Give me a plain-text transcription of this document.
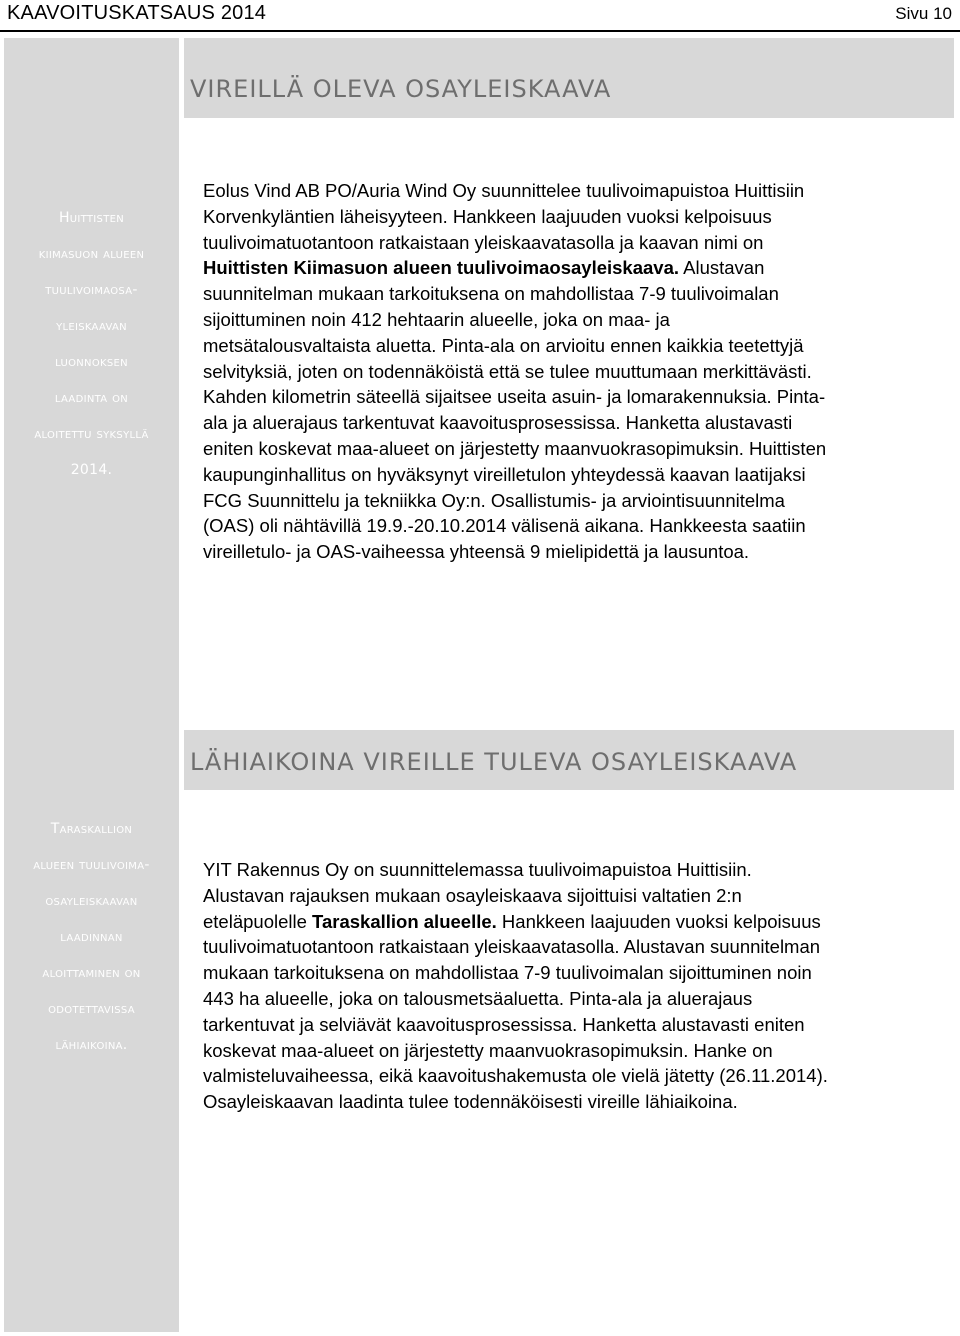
KAAVOITUSKATSAUS 2014	Sivu 10
Huittisten
kiimasuon alueen
tuulivoimaosa-
yleiskaavan
luonnoksen
laadinta on
aloitettu syksyllä
2014.
Taraskallion
alueen tuulivoima-
osayleiskaavan
laadinnan
aloittaminen on
odotettavissa
lähiaikoina.
VIREILLÄ OLEVA OSAYLEISKAAVA
Eolus Vind AB PO/Auria Wind Oy suunnittelee tuulivoimapuistoa Huittisiin
Korvenkyläntien läheisyyteen. Hankkeen laajuuden vuoksi kelpoisuus
tuulivoimatuotantoon ratkaistaan yleiskaavatasolla ja kaavan nimi on
Huittisten Kiimasuon alueen tuulivoimaosayleiskaava. Alustavan
suunnitelman mukaan tarkoituksena on mahdollistaa 7-9 tuulivoimalan
sijoittuminen noin 412 hehtaarin alueelle, joka on maa- ja
metsätalousvaltaista aluetta. Pinta-ala on arvioitu ennen kaikkia teetettyjä
selvityksiä, joten on todennäköistä että se tulee muuttumaan merkittävästi.
Kahden kilometrin säteellä sijaitsee useita asuin- ja lomarakennuksia. Pinta-
ala ja aluerajaus tarkentuvat kaavoitusprosessissa. Hanketta alustavasti
eniten koskevat maa-alueet on järjestetty maanvuokrasopimuksin. Huittisten
kaupunginhallitus on hyväksynyt vireilletulon yhteydessä kaavan laatijaksi
FCG Suunnittelu ja tekniikka Oy:n. Osallistumis- ja arviointisuunnitelma
(OAS) oli nähtävillä 19.9.-20.10.2014 välisenä aikana. Hankkeesta saatiin
vireilletulo- ja OAS-vaiheessa yhteensä 9 mielipidettä ja lausuntoa.
LÄHIAIKOINA VIREILLE TULEVA OSAYLEISKAAVA
YIT Rakennus Oy on suunnittelemassa tuulivoimapuistoa Huittisiin.
Alustavan rajauksen mukaan osayleiskaava sijoittuisi valtatien 2:n
eteläpuolelle Taraskallion alueelle. Hankkeen laajuuden vuoksi kelpoisuus
tuulivoimatuotantoon ratkaistaan yleiskaavatasolla. Alustavan suunnitelman
mukaan tarkoituksena on mahdollistaa 7-9 tuulivoimalan sijoittuminen noin
443 ha alueelle, joka on talousmetsäaluetta. Pinta-ala ja aluerajaus
tarkentuvat ja selviävät kaavoitusprosessissa. Hanketta alustavasti eniten
koskevat maa-alueet on järjestetty maanvuokrasopimuksin. Hanke on
valmisteluvaiheessa, eikä kaavoitushakemusta ole vielä jätetty (26.11.2014).
Osayleiskaavan laadinta tulee todennäköisesti vireille lähiaikoina.
